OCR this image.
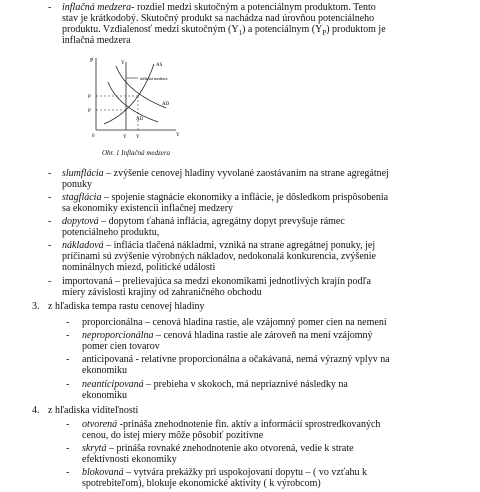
- inflačná medzera- rozdiel medzi skutočným a potenciálnym produktom. Tento
stav je krátkodobý. Skutočný produkt sa nachádza nad úrovňou potenciálneho
produktu. Vzdialenosť medzi skutočným $(Y_1)$ a potenciálnym $(Y_P)$ produktom je
inflačná medzera
P	Y	AS
inflačná medzera
AD
AD
P
P
0	Y Y	Y
Obr. 1 Inflačná medzera
- slumflácia – zvýšenie cenovej hladiny vyvolané zaostávaním na strane agregátnej
ponuky
- stagflácia – spojenie stagnácie ekonomiky a inflácie, je dôsledkom prispôsobenia
sa ekonomiky existencii inflačnej medzery
- dopytová – dopytom ťahaná inflácia, agregátny dopyt prevyšuje rámec
potenciálneho produktu,
- nákladová – inflácia tlačená nákladmi, vzniká na strane agregátnej ponuky, jej
príčinami sú zvýšenie výrobných nákladov, nedokonalá konkurencia, zvýšenie
nominálnych miezd, politické události
- importovaná – prelievajúca sa medzi ekonomikami jednotlivých krajín podľa
miery závislosti krajiny od zahraničného obchodu
3. z hľadiska tempa rastu cenovej hladiny
- proporcionálna – cenová hladina rastie, ale vzájomný pomer cien na nemení
- neproporcionálna – cenová hladina rastie ale zároveň na mení vzájomný
pomer cien tovarov
- anticipovaná - relatívne proporcionálna a očakávaná, nemá výrazný vplyv na
ekonomiku
- neanticipovaná – prebieha v skokoch, má nepriaznivé následky na
ekonomiku
4. z hľadiska viditeľnosti
- otvorená -prináša znehodnotenie fin. aktív a informácií sprostredkovaných
cenou, do istej miery môže pôsobiť pozitívne
- skrytá – prináša rovnaké znehodnotenie ako otvorená, vedie k strate
efektívnosti ekonomiky
- blokovaná – vytvára prekážky pri uspokojovaní dopytu – ( vo vzťahu k
spotrebiteľom), blokuje ekonomické aktivity ( k výrobcom)
